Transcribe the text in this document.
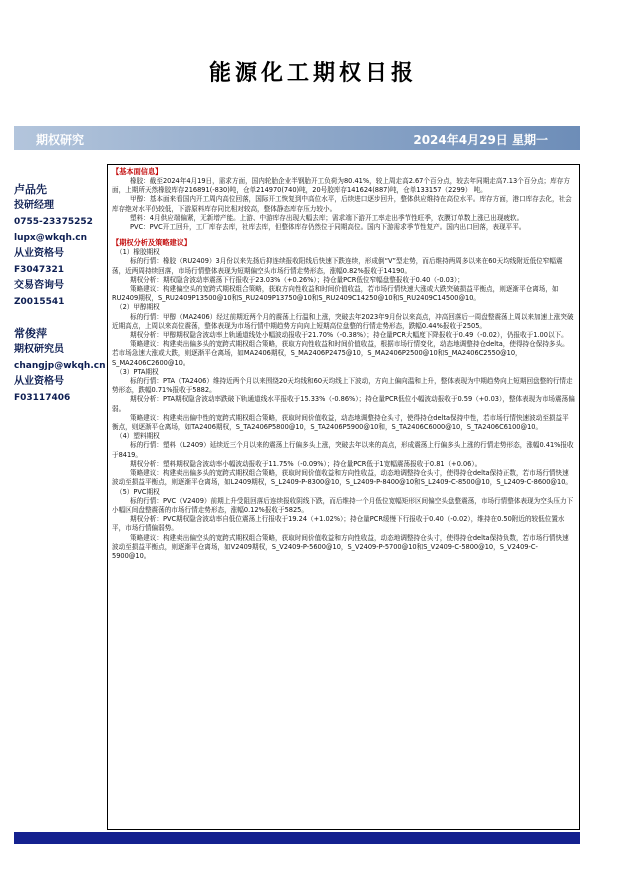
能源化工期权日报
期权研究	2024年4月29日 星期一
卢品先
投研经理
0755-23375252
lupx@wkqh.cn
从业资格号
F3047321
交易咨询号
Z0015541
常俊萍
期权研究员
changjp@wkqh.cn
从业资格号
F03117406
【基本面信息】

橡胶：截至2024年4月19日，需求方面，国内轮胎企业半钢胎开工负荷为80.41%，较上周走高2.67个百分点，较去年同期走高7.13个百分点；库存方面，上期所天然橡胶库存216891(-830)吨，仓单214970(740)吨，20号胶库存141624(887)吨，仓单133157（2299） 吨。

甲醇：基本面来看国内开工周内高位回落，国际开工恢复到中高位水平，后续进口逐步回升，整体供应维持在高位水平。库存方面，港口库存去化，社会库存绝对水平仍较低，下游原料库存同比相对较高，整体静态库存压力较小。

塑料：4月供应端偏紧，无新增产能。上游、中游库存出现大幅去库；需求端下游开工率走出季节性旺季，农膜订单数上涨已出现疲软。

PVC：PVC开工回升，工厂库存去库，社库去库，但整体库存仍然位于同期高位。国内下游需求季节性复产。国内出口回落，表现平平。

【期权分析及策略建议】

（1）橡胶期权

标的行情：橡胶（RU2409）3月份以来先扬后抑连续报收阳线后快速下跌连续，形成倒“V”型走势，而后维持两周多以来在60天均线附近低位窄幅震荡，近两周持续回落，市场行情整体表现为短期偏空头市场行情走势形态，涨幅0.82%报收于14190。

期权分析：期权隐含波动率震荡下行报收于23.03%（+0.26%）；持仓量PCR低位窄幅盘整报收于0.40（-0.03）；

策略建议：构建偏空头的宽跨式期权组合策略，获取方向性收益和时间价值收益，若市场行情快速大涨或大跌突破损益平衡点，则逐渐平仓离场，如RU2409期权，S_RU2409P13500@10和S_RU2409P13750@10和S_RU2409C14250@10和S_RU2409C14500@10。

（2）甲醇期权

标的行情：甲醇（MA2406）经过前期近两个月的震荡上行温和上涨，突破去年2023年9月份以来高点，冲高回落后一周盘整震荡上周以来加速上涨突破近期高点，上周以来高位震荡，整体表现为市场行情中期趋势方向向上短期高位盘整的行情走势形态，跌幅0.44%报收于2505。

期权分析：甲醇期权隐含波动率上轨通道线处小幅波动报收于21.70%（-0.38%）；持仓量PCR大幅度下降报收于0.49（-0.02），仍报收于1.00以下。

策略建议：构建卖出偏多头的宽跨式期权组合策略，获取方向性收益和时间价值收益，根据市场行情变化，动态地调整持仓delta，使得持仓保持多头。若市场急速大涨或大跌，则逐渐平仓离场，如MA2406期权，S_MA2406P2475@10，S_MA2406P2500@10和S_MA2406C2550@10，S_MA2406C2600@10。

（3）PTA期权

标的行情：PTA（TA2406）维持近两个月以来围绕20天均线和60天均线上下波动，方向上偏向温和上升，整体表现为中期趋势向上短期回盘整的行情走势形态，跌幅0.71%报收于5882。

期权分析：PTA期权隐含波动率跌破下轨通道线水平报收于15.33%（-0.86%）；持仓量PCR低位小幅波动报收于0.59（+0.03），整体表现为市场震荡偏弱。

策略建议：构建卖出偏中性的宽跨式期权组合策略，获取时间价值收益，动态地调整持仓头寸，使得持仓delta保持中性，若市场行情快速波动至损益平衡点，则逐渐平仓离场，如TA2406期权，S_TA2406P5800@10，S_TA2406P5900@10和，S_TA2406C6000@10，S_TA2406C6100@10。

（4）塑料期权

标的行情：塑料（L2409）延续近三个月以来的震荡上行偏多头上涨，突破去年以来的高点，形成震荡上行偏多头上涨的行情走势形态，涨幅0.41%报收于8419。

期权分析：塑料期权隐含波动率小幅波动报收于11.75%（-0.09%）；持仓量PCR低于1宽幅震荡报收于0.81（+0.06）。

策略建议：构建卖出偏多头的宽跨式期权组合策略，获取时间价值收益和方向性收益，动态地调整持仓头寸，使得持仓delta保持正数，若市场行情快速波动至损益平衡点，则逐渐平仓离场，如L2409期权，S_L2409-P-8300@10，S_L2409-P-8400@10和S_L2409-C-8500@10，S_L2409-C-8600@10。

（5）PVC期权

标的行情：PVC（V2409）前期上升受阻回落后连续报收阴线下跌，而后维持一个月低位宽幅矩形区间偏空头盘整震荡，市场行情整体表现为空头压力下小幅区间盘整震荡的市场行情走势形态，涨幅0.12%报收于5825。

期权分析：PVC期权隐含波动率自低位震荡上行报收于19.24（+1.02%）；持仓量PCR缓慢下行报收于0.40（-0.02），维持在0.50附近的较低位置水平，市场行情偏弱势。

策略建议：构建卖出偏空头的宽跨式期权组合策略，获取时间价值收益和方向性收益，动态地调整持仓头寸，使得持仓delta保持负数，若市场行情快速波动至损益平衡点，则逐渐平仓离场，如V2409期权，S_V2409-P-5600@10，S_V2409-P-5700@10和S_V2409-C-5800@10，S_V2409-C-5900@10。
